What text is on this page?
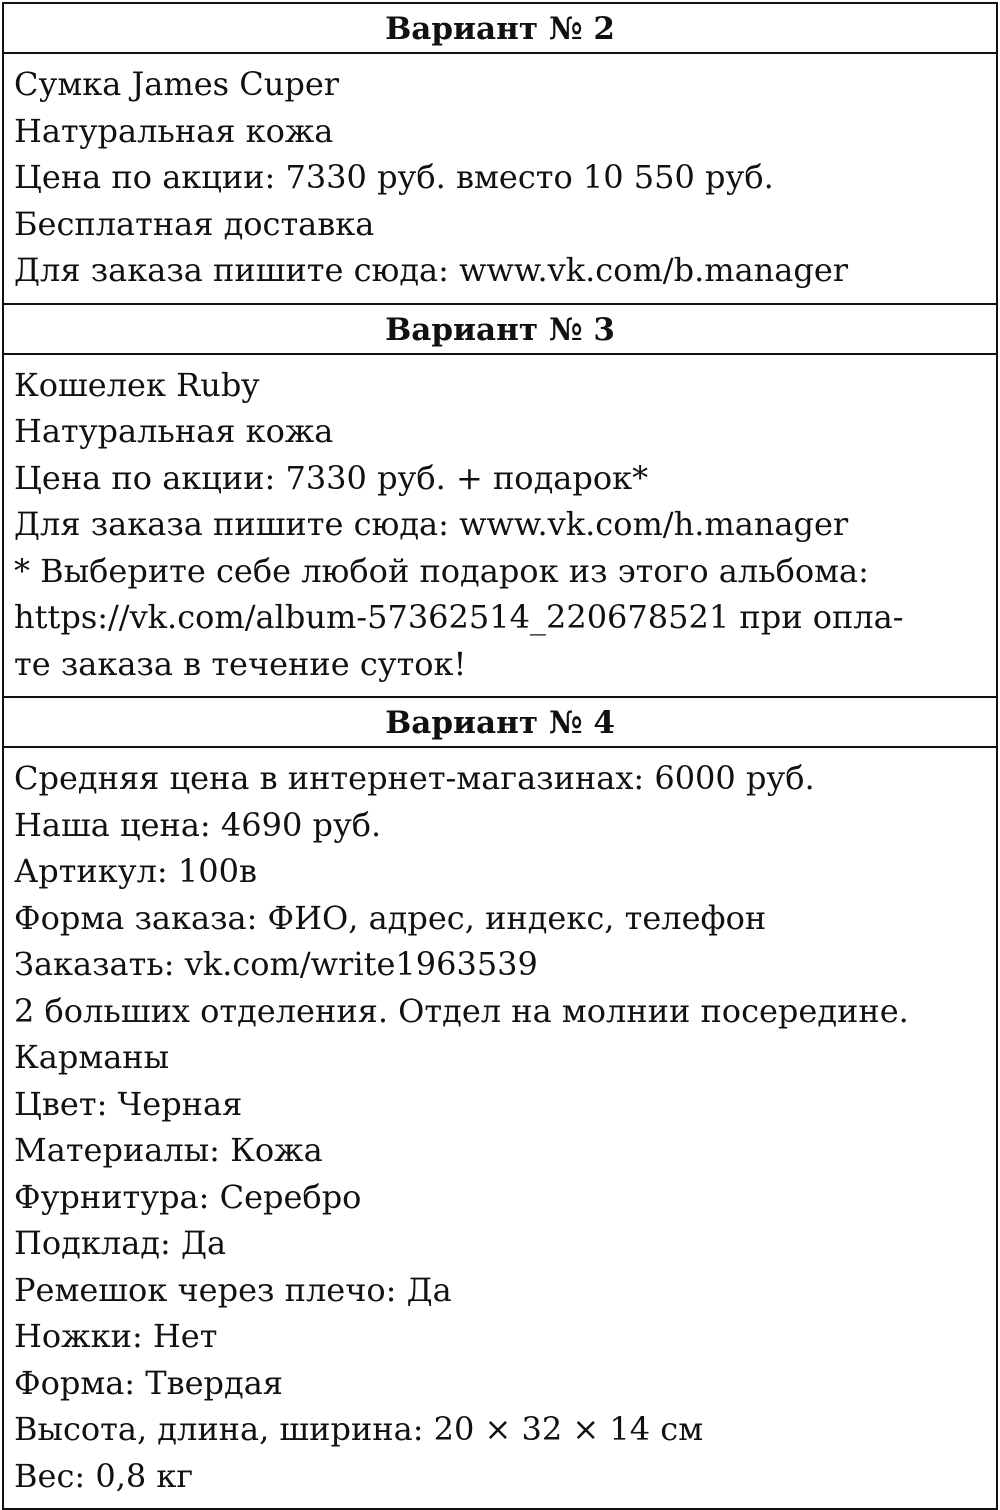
Вариант № 2
Сумка James Cuper
Натуральная кожа
Цена по акции: 7330 руб. вместо 10 550 руб.
Бесплатная доставка
Для заказа пишите сюда: www.vk.com/b.manager
Вариант № 3
Кошелек Ruby
Натуральная кожа
Цена по акции: 7330 руб. + подарок*
Для заказа пишите сюда: www.vk.com/h.manager
* Выберите себе любой подарок из этого альбома:
https://vk.com/album-57362514_220678521 при опла-
те заказа в течение суток!
Вариант № 4
Средняя цена в интернет-магазинах: 6000 руб.
Наша цена: 4690 руб.
Артикул: 100в
Форма заказа: ФИО, адрес, индекс, телефон
Заказать: vk.com/write1963539
2 больших отделения. Отдел на молнии посередине.
Карманы
Цвет: Черная
Материалы: Кожа
Фурнитура: Серебро
Подклад: Да
Ремешок через плечо: Да
Ножки: Нет
Форма: Твердая
Высота, длина, ширина: 20 × 32 × 14 см
Вес: 0,8 кг
